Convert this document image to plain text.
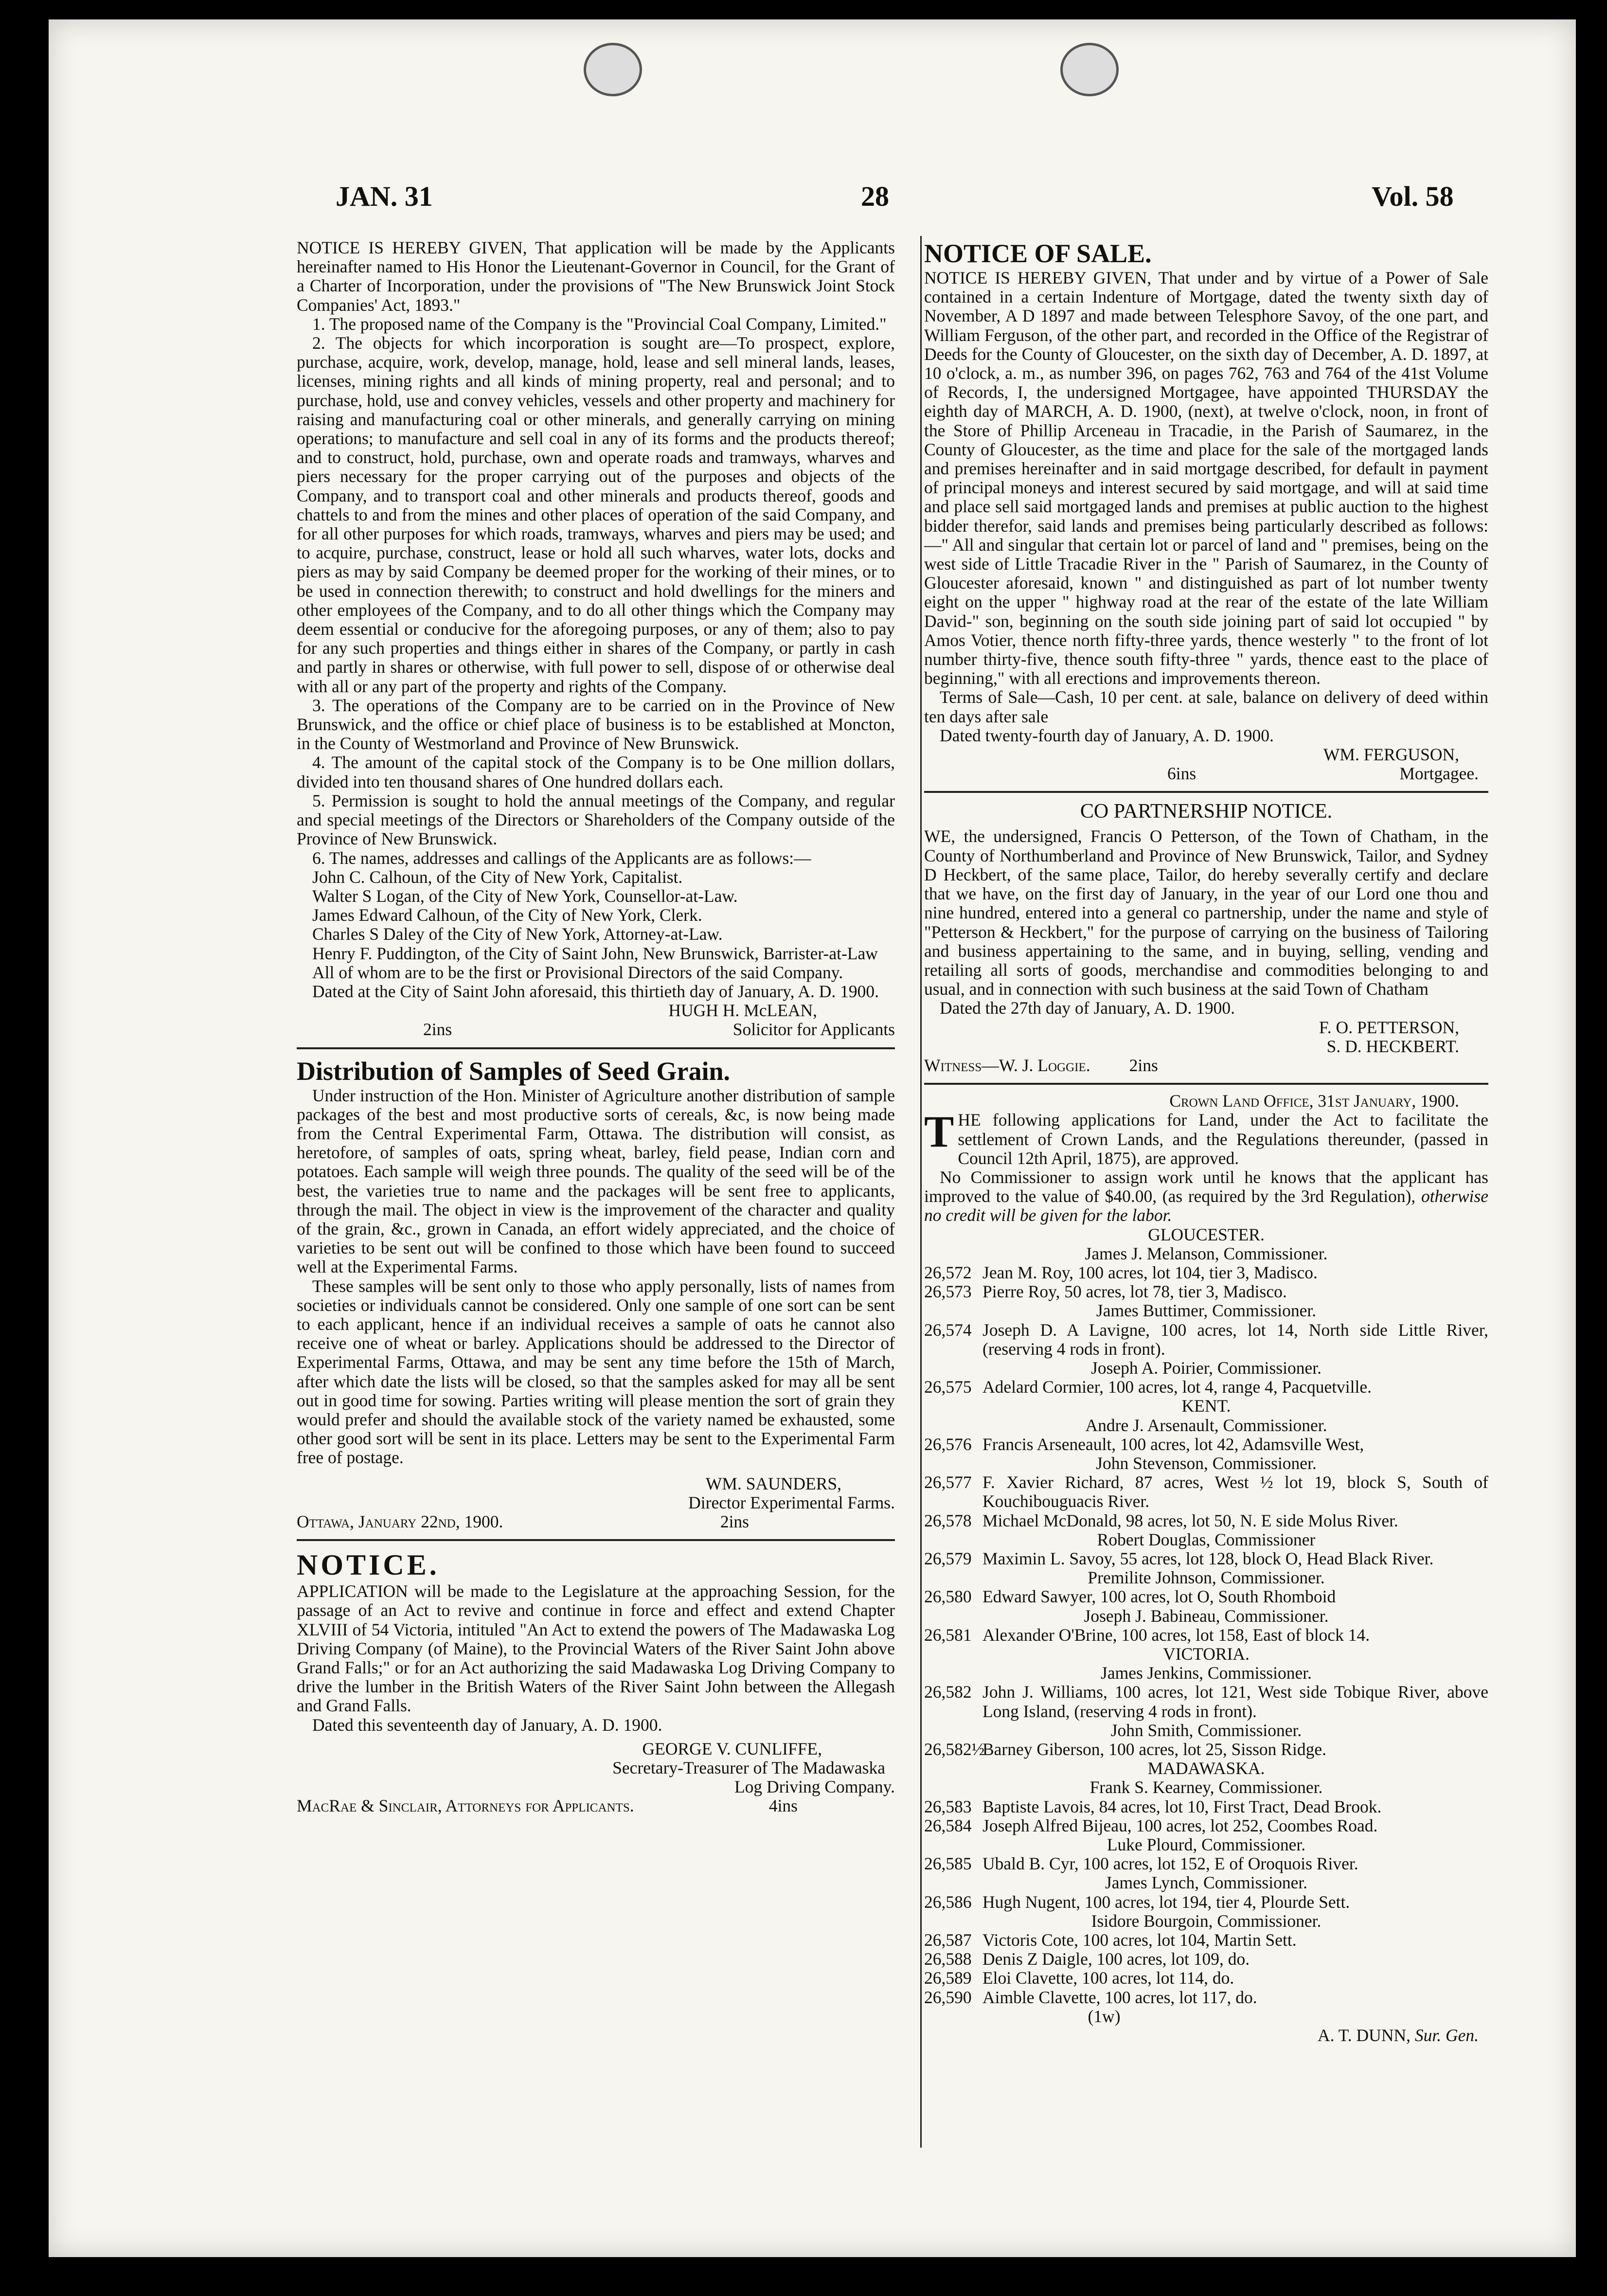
JAN. 31	28	Vol. 58

NOTICE IS HEREBY GIVEN, That application will be made by the Applicants hereinafter named to His Honor the Lieutenant-Governor in Council, for the Grant of a Charter of Incorporation, under the provisions of "The New Brunswick Joint Stock Companies' Act, 1893."

1. The proposed name of the Company is the "Provincial Coal Company, Limited."

2. The objects for which incorporation is sought are—To prospect, explore, purchase, acquire, work, develop, manage, hold, lease and sell mineral lands, leases, licenses, mining rights and all kinds of mining property, real and personal; and to purchase, hold, use and convey vehicles, vessels and other property and machinery for raising and manufacturing coal or other minerals, and generally carrying on mining operations; to manufacture and sell coal in any of its forms and the products thereof; and to construct, hold, purchase, own and operate roads and tramways, wharves and piers necessary for the proper carrying out of the purposes and objects of the Company, and to transport coal and other minerals and products thereof, goods and chattels to and from the mines and other places of operation of the said Company, and for all other purposes for which roads, tramways, wharves and piers may be used; and to acquire, purchase, construct, lease or hold all such wharves, water lots, docks and piers as may by said Company be deemed proper for the working of their mines, or to be used in connection therewith; to construct and hold dwellings for the miners and other employees of the Company, and to do all other things which the Company may deem essential or conducive for the aforegoing purposes, or any of them; also to pay for any such properties and things either in shares of the Company, or partly in cash and partly in shares or otherwise, with full power to sell, dispose of or otherwise deal with all or any part of the property and rights of the Company.

3. The operations of the Company are to be carried on in the Province of New Brunswick, and the office or chief place of business is to be established at Moncton, in the County of Westmorland and Province of New Brunswick.

4. The amount of the capital stock of the Company is to be One million dollars, divided into ten thousand shares of One hundred dollars each.

5. Permission is sought to hold the annual meetings of the Company, and regular and special meetings of the Directors or Shareholders of the Company outside of the Province of New Brunswick.

6. The names, addresses and callings of the Applicants are as follows:—

John C. Calhoun, of the City of New York, Capitalist.

Walter S Logan, of the City of New York, Counsellor-at-Law.

James Edward Calhoun, of the City of New York, Clerk.

Charles S Daley of the City of New York, Attorney-at-Law.

Henry F. Puddington, of the City of Saint John, New Brunswick, Barrister-at-Law

All of whom are to be the first or Provisional Directors of the said Company.

Dated at the City of Saint John aforesaid, this thirtieth day of January, A. D. 1900.

HUGH H. McLEAN,

2ins	Solicitor for Applicants

Distribution of Samples of Seed Grain.

Under instruction of the Hon. Minister of Agriculture another distribution of sample packages of the best and most productive sorts of cereals, &c, is now being made from the Central Experimental Farm, Ottawa. The distribution will consist, as heretofore, of samples of oats, spring wheat, barley, field pease, Indian corn and potatoes. Each sample will weigh three pounds. The quality of the seed will be of the best, the varieties true to name and the packages will be sent free to applicants, through the mail. The object in view is the improvement of the character and quality of the grain, &c., grown in Canada, an effort widely appreciated, and the choice of varieties to be sent out will be confined to those which have been found to succeed well at the Experimental Farms.

These samples will be sent only to those who apply personally, lists of names from societies or individuals cannot be considered. Only one sample of one sort can be sent to each applicant, hence if an individual receives a sample of oats he cannot also receive one of wheat or barley. Applications should be addressed to the Director of Experimental Farms, Ottawa, and may be sent any time before the 15th of March, after which date the lists will be closed, so that the samples asked for may all be sent out in good time for sowing. Parties writing will please mention the sort of grain they would prefer and should the available stock of the variety named be exhausted, some other good sort will be sent in its place. Letters may be sent to the Experimental Farm free of postage.

WM. SAUNDERS,

Director Experimental Farms.

Ottawa, January 22nd, 1900.	2ins

NOTICE.

APPLICATION will be made to the Legislature at the approaching Session, for the passage of an Act to revive and continue in force and effect and extend Chapter XLVIII of 54 Victoria, intituled "An Act to extend the powers of The Madawaska Log Driving Company (of Maine), to the Provincial Waters of the River Saint John above Grand Falls;" or for an Act authorizing the said Madawaska Log Driving Company to drive the lumber in the British Waters of the River Saint John between the Allegash and Grand Falls.

Dated this seventeenth day of January, A. D. 1900.

GEORGE V. CUNLIFFE,

Secretary-Treasurer of The Madawaska

Log Driving Company.

MacRae & Sinclair, Attorneys for Applicants.	4ins

NOTICE OF SALE.

NOTICE IS HEREBY GIVEN, That under and by virtue of a Power of Sale contained in a certain Indenture of Mortgage, dated the twenty sixth day of November, A D 1897 and made between Telesphore Savoy, of the one part, and William Ferguson, of the other part, and recorded in the Office of the Registrar of Deeds for the County of Gloucester, on the sixth day of December, A. D. 1897, at 10 o'clock, a. m., as number 396, on pages 762, 763 and 764 of the 41st Volume of Records, I, the undersigned Mortgagee, have appointed THURSDAY the eighth day of MARCH, A. D. 1900, (next), at twelve o'clock, noon, in front of the Store of Phillip Arceneau in Tracadie, in the Parish of Saumarez, in the County of Gloucester, as the time and place for the sale of the mortgaged lands and premises hereinafter and in said mortgage described, for default in payment of principal moneys and interest secured by said mortgage, and will at said time and place sell said mortgaged lands and premises at public auction to the highest bidder therefor, said lands and premises being particularly described as follows:—" All and singular that certain lot or parcel of land and " premises, being on the west side of Little Tracadie River in the " Parish of Saumarez, in the County of Gloucester aforesaid, known " and distinguished as part of lot number twenty eight on the upper " highway road at the rear of the estate of the late William David-" son, beginning on the south side joining part of said lot occupied " by Amos Votier, thence north fifty-three yards, thence westerly " to the front of lot number thirty-five, thence south fifty-three " yards, thence east to the place of beginning," with all erections and improvements thereon.

Terms of Sale—Cash, 10 per cent. at sale, balance on delivery of deed within ten days after sale

Dated twenty-fourth day of January, A. D. 1900.

WM. FERGUSON,

6ins	Mortgagee.

CO PARTNERSHIP NOTICE.

WE, the undersigned, Francis O Petterson, of the Town of Chatham, in the County of Northumberland and Province of New Brunswick, Tailor, and Sydney D Heckbert, of the same place, Tailor, do hereby severally certify and declare that we have, on the first day of January, in the year of our Lord one thou and nine hundred, entered into a general co partnership, under the name and style of "Petterson & Heckbert," for the purpose of carrying on the business of Tailoring and business appertaining to the same, and in buying, selling, vending and retailing all sorts of goods, merchandise and commodities belonging to and usual, and in connection with such business at the said Town of Chatham

Dated the 27th day of January, A. D. 1900.

F. O. PETTERSON,

S. D. HECKBERT.

Witness—W. J. Loggie. 2ins

Crown Land Office, 31st January, 1900.

THE following applications for Land, under the Act to facilitate the settlement of Crown Lands, and the Regulations thereunder, (passed in Council 12th April, 1875), are approved.

No Commissioner to assign work until he knows that the applicant has improved to the value of $40.00, (as required by the 3rd Regulation), otherwise no credit will be given for the labor.

GLOUCESTER.

James J. Melanson, Commissioner.

26,572 Jean M. Roy, 100 acres, lot 104, tier 3, Madisco.

26,573 Pierre Roy, 50 acres, lot 78, tier 3, Madisco.

James Buttimer, Commissioner.

26,574 Joseph D. A Lavigne, 100 acres, lot 14, North side Little River, (reserving 4 rods in front).

Joseph A. Poirier, Commissioner.

26,575 Adelard Cormier, 100 acres, lot 4, range 4, Pacquetville.

KENT.

Andre J. Arsenault, Commissioner.

26,576 Francis Arseneault, 100 acres, lot 42, Adamsville West,

John Stevenson, Commissioner.

26,577 F. Xavier Richard, 87 acres, West ½ lot 19, block S, South of Kouchibouguacis River.

26,578 Michael McDonald, 98 acres, lot 50, N. E side Molus River.

Robert Douglas, Commissioner

26,579 Maximin L. Savoy, 55 acres, lot 128, block O, Head Black River.

Premilite Johnson, Commissioner.

26,580 Edward Sawyer, 100 acres, lot O, South Rhomboid

Joseph J. Babineau, Commissioner.

26,581 Alexander O'Brine, 100 acres, lot 158, East of block 14.

VICTORIA.

James Jenkins, Commissioner.

26,582 John J. Williams, 100 acres, lot 121, West side Tobique River, above Long Island, (reserving 4 rods in front).

John Smith, Commissioner.

26,582½Barney Giberson, 100 acres, lot 25, Sisson Ridge.

MADAWASKA.

Frank S. Kearney, Commissioner.

26,583 Baptiste Lavois, 84 acres, lot 10, First Tract, Dead Brook.

26,584 Joseph Alfred Bijeau, 100 acres, lot 252, Coombes Road.

Luke Plourd, Commissioner.

26,585 Ubald B. Cyr, 100 acres, lot 152, E of Oroquois River.

James Lynch, Commissioner.

26,586 Hugh Nugent, 100 acres, lot 194, tier 4, Plourde Sett.

Isidore Bourgoin, Commissioner.

26,587 Victoris Cote, 100 acres, lot 104, Martin Sett.

26,588 Denis Z Daigle, 100 acres, lot 109, do.

26,589 Eloi Clavette, 100 acres, lot 114, do.

26,590 Aimble Clavette, 100 acres, lot 117, do.

(1w)

A. T. DUNN, Sur. Gen.
